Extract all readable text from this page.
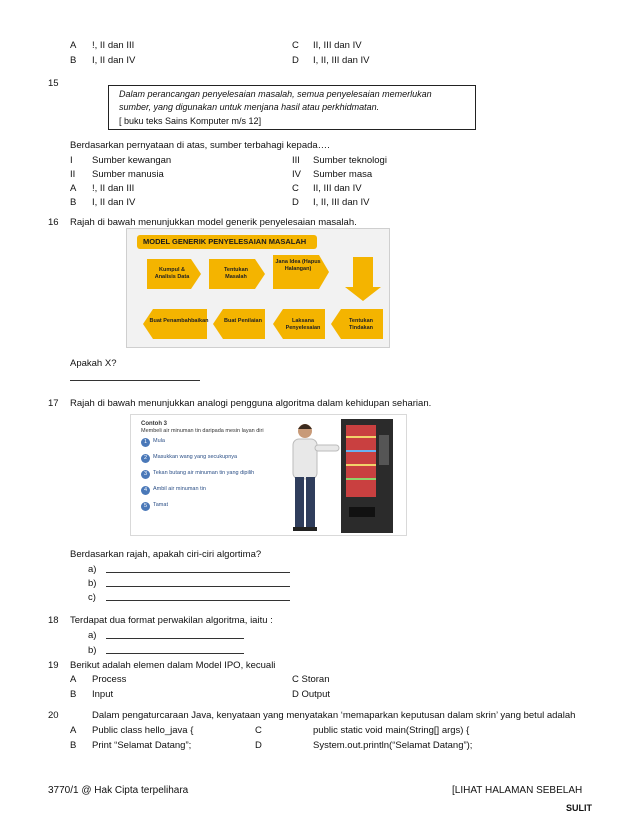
A !, II dan III	C II, III dan IV
B I, II dan IV	D I, II, III dan IV
15
Dalam perancangan penyelesaian masalah, semua penyelesaian memerlukan
sumber, yang digunakan untuk menjana hasil atau perkhidmatan.
[ buku teks Sains Komputer m/s 12]
Berdasarkan pernyataan di atas, sumber terbahagi kepada….
I Sumber kewangan	III Sumber teknologi
II Sumber manusia	IV Sumber masa
A !, II dan III	C II, III dan IV
B I, II dan IV	D I, II, III dan IV
16 Rajah di bawah menunjukkan model generik penyelesaian masalah.
MODEL GENERIK PENYELESAIAN MASALAH
Kumpul & Analisis Data
Tentukan Masalah
Jana Idea (Hapus Halangan)
Tentukan Tindakan
Laksana Penyelesaian
Buat Penilaian
Buat Penambahbaikan
Apakah X?
17 Rajah di bawah menunjukkan analogi pengguna algoritma dalam kehidupan seharian.
Contoh 3
Membeli air minuman tin daripada mesin layan diri
1	Mula
2	Masukkan wang yang secukupnya
3	Tekan butang air minuman tin yang dipilih
4	Ambil air minuman tin
5	Tamat
Berdasarkan rajah, apakah ciri-ciri algortima?
a)
b)
c)
18 Terdapat dua format perwakilan algoritma, iaitu :
a)
b)
19 Berikut adalah elemen dalam Model IPO, kecuali
A Process	C Storan
B Input	D Output
20	Dalam pengaturcaraan Java, kenyataan yang menyatakan ‘memaparkan keputusan dalam skrin’ yang betul adalah
A Public class hello_java {	C	public static void main(String[] args) {
B Print “Selamat Datang”;	D	System.out.println(“Selamat Datang”);
3770/1 @ Hak Cipta terpelihara	[LIHAT HALAMAN SEBELAH
SULIT
